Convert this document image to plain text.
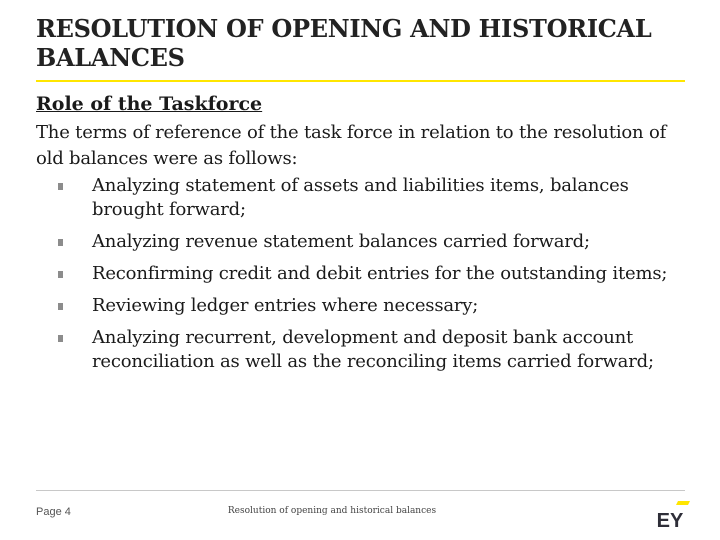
RESOLUTION OF OPENING AND HISTORICAL BALANCES

Role of the Taskforce

The terms of reference of the task force in relation to the resolution of old balances were as follows:

Analyzing statement of assets and liabilities items, balances brought forward;
Analyzing revenue statement balances carried forward;
Reconfirming credit and debit entries for the outstanding items;
Reviewing ledger entries where necessary;
Analyzing recurrent, development and deposit bank account reconciliation as well as the reconciling items carried forward;
Page 4	Resolution of opening and historical balances	EY
